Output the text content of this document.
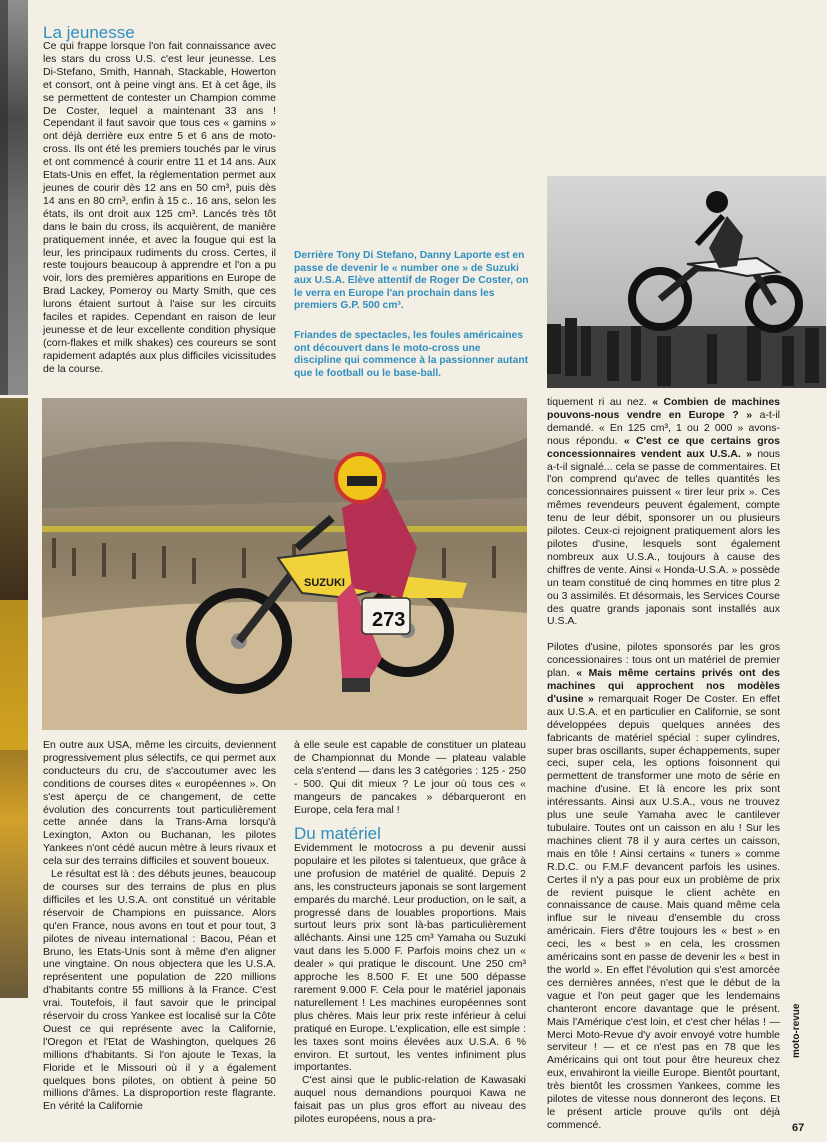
La jeunesse

Ce qui frappe lorsque l'on fait connaissance avec les stars du cross U.S. c'est leur jeunesse. Les Di-Stefano, Smith, Hannah, Stackable, Howerton et consort, ont à peine vingt ans. Et à cet âge, ils se permettent de contester un Champion comme De Coster, lequel a maintenant 33 ans ! Cependant il faut savoir que tous ces « gamins » ont déjà derrière eux entre 5 et 6 ans de moto-cross. Ils ont été les premiers touchés par le virus et ont commencé à courir entre 11 et 14 ans. Aux Etats-Unis en effet, la réglementation permet aux jeunes de courir dès 12 ans en 50 cm³, puis dès 14 ans en 80 cm³, enfin à 15 c.. 16 ans, selon les états, ils ont droit aux 125 cm³. Lancés très tôt dans le bain du cross, ils acquièrent, de manière pratiquement innée, et avec la fougue qui est la leur, les principaux rudiments du cross. Certes, il reste toujours beaucoup à apprendre et l'on a pu voir, lors des premières apparitions en Europe de Brad Lackey, Pomeroy ou Marty Smith, que ces lurons étaient surtout à l'aise sur les circuits faciles et rapides. Cependant en raison de leur jeunesse et de leur excellente condition physique (corn-flakes et milk shakes) ces coureurs se sont rapidement adaptés aux plus difficiles vicissitudes de la course.

Derrière Tony Di Stefano, Danny Laporte est en passe de devenir le « number one » de Suzuki aux U.S.A. Elève attentif de Roger De Coster, on le verra en Europe l'an prochain dans les premiers G.P. 500 cm³.

Friandes de spectacles, les foules américaines ont découvert dans le moto-cross une discipline qui commence à la passionner autant que le football ou le base-ball.

SUZUKI
273

En outre aux USA, même les circuits, deviennent progressivement plus sélectifs, ce qui permet aux conducteurs du cru, de s'accoutumer avec les conditions de courses dites « européennes ». On s'est aperçu de ce changement, de cette évolution des concurrents tout particulièrement cette année dans la Trans-Ama lorsqu'à Lexington, Axton ou Buchanan, les pilotes Yankees n'ont cédé aucun mètre à leurs rivaux et cela sur des terrains difficiles et souvent boueux.

Le résultat est là : des débuts jeunes, beaucoup de courses sur des terrains de plus en plus difficiles et les U.S.A. ont constitué un véritable réservoir de Champions en puissance. Alors qu'en France, nous avons en tout et pour tout, 3 pilotes de niveau international : Bacou, Péan et Bruno, les Etats-Unis sont à même d'en aligner une vingtaine. On nous objectera que les U.S.A. représentent une population de 220 millions d'habitants contre 55 millions à la France. C'est vrai. Toutefois, il faut savoir que le principal réservoir du cross Yankee est localisé sur la Côte Ouest ce qui représente avec la Californie, l'Oregon et l'Etat de Washington, quelques 26 millions d'habitants. Si l'on ajoute le Texas, la Floride et le Missouri où il y a également quelques bons pilotes, on obtient à peine 50 millions d'âmes. La disproportion reste flagrante. En vérité la Californie

à elle seule est capable de constituer un plateau de Championnat du Monde — plateau valable cela s'entend — dans les 3 catégories : 125 - 250 - 500. Qui dit mieux ? Le jour où tous ces « mangeurs de pancakes » débarqueront en Europe, cela fera mal !

Du matériel

Evidemment le motocross a pu devenir aussi populaire et les pilotes si talentueux, que grâce à une profusion de matériel de qualité. Depuis 2 ans, les constructeurs japonais se sont largement emparés du marché. Leur production, on le sait, a progressé dans de louables proportions. Mais surtout leurs prix sont là-bas particulièrement alléchants. Ainsi une 125 cm³ Yamaha ou Suzuki vaut dans les 5.000 F. Parfois moins chez un « dealer » qui pratique le discount. Une 250 cm³ approche les 8.500 F. Et une 500 dépasse rarement 9.000 F. Cela pour le matériel japonais naturellement ! Les machines européennes sont plus chères. Mais leur prix reste inférieur à celui pratiqué en Europe. L'explication, elle est simple : les taxes sont moins élevées aux U.S.A. 6 % environ. Et surtout, les ventes infiniment plus importantes.

C'est ainsi que le public-relation de Kawasaki auquel nous demandions pourquoi Kawa ne faisait pas un plus gros effort au niveau des pilotes européens, nous a pra-

tiquement ri au nez. « Combien de machines pouvons-nous vendre en Europe ? » a-t-il demandé. « En 125 cm³, 1 ou 2 000 » avons-nous répondu. « C'est ce que certains gros concessionnaires vendent aux U.S.A. » nous a-t-il signalé... cela se passe de commentaires. Et l'on comprend qu'avec de telles quantités les concessionnaires puissent « tirer leur prix ». Ces mêmes revendeurs peuvent également, compte tenu de leur débit, sponsorer un ou plusieurs pilotes. Ceux-ci rejoignent pratiquement alors les pilotes d'usine, lesquels sont également nombreux aux U.S.A., toujours à cause des chiffres de vente. Ainsi « Honda-U.S.A. » possède un team constitué de cinq hommes en titre plus 2 ou 3 assimilés. Et désormais, les Services Course des quatre grands japonais sont installés aux U.S.A.

Pilotes d'usine, pilotes sponsorés par les gros concessionaires : tous ont un matériel de premier plan. « Mais même certains privés ont des machines qui approchent nos modèles d'usine » remarquait Roger De Coster. En effet aux U.S.A. et en particulier en Californie, se sont développées depuis quelques années des fabricants de matériel spécial : super cylindres, super bras oscillants, super échappements, super ceci, super cela, les options foisonnent qui permettent de transformer une moto de série en machine d'usine. Et là encore les prix sont intéressants. Ainsi aux U.S.A., vous ne trouvez plus une seule Yamaha avec le cantilever tubulaire. Toutes ont un caisson en alu ! Sur les machines client 78 il y aura certes un caisson, mais en tôle ! Ainsi certains « tuners » comme R.D.C. ou F.M.F devancent parfois les usines. Certes il n'y a pas pour eux un problème de prix de revient puisque le client achète en connaissance de cause. Mais quand même cela influe sur le niveau d'ensemble du cross américain. Fiers d'être toujours les « best » en ceci, les « best » en cela, les crossmen américains sont en passe de devenir les « best in the world ». En effet l'évolution qui s'est amorcée ces dernières années, n'est que le début de la vague et l'on peut gager que les lendemains chanteront encore davantage que le présent. Mais l'Amérique c'est loin, et c'est cher hélas ! — Merci Moto-Revue d'y avoir envoyé votre humble serviteur ! — et ce n'est pas en 78 que les Américains qui ont tout pour être heureux chez eux, envahiront la vieille Europe. Bientôt pourtant, très bientôt les crossmen Yankees, comme les pilotes de vitesse nous donneront des leçons. Et le présent article prouve qu'ils ont déjà commencé.

moto-revue
67
